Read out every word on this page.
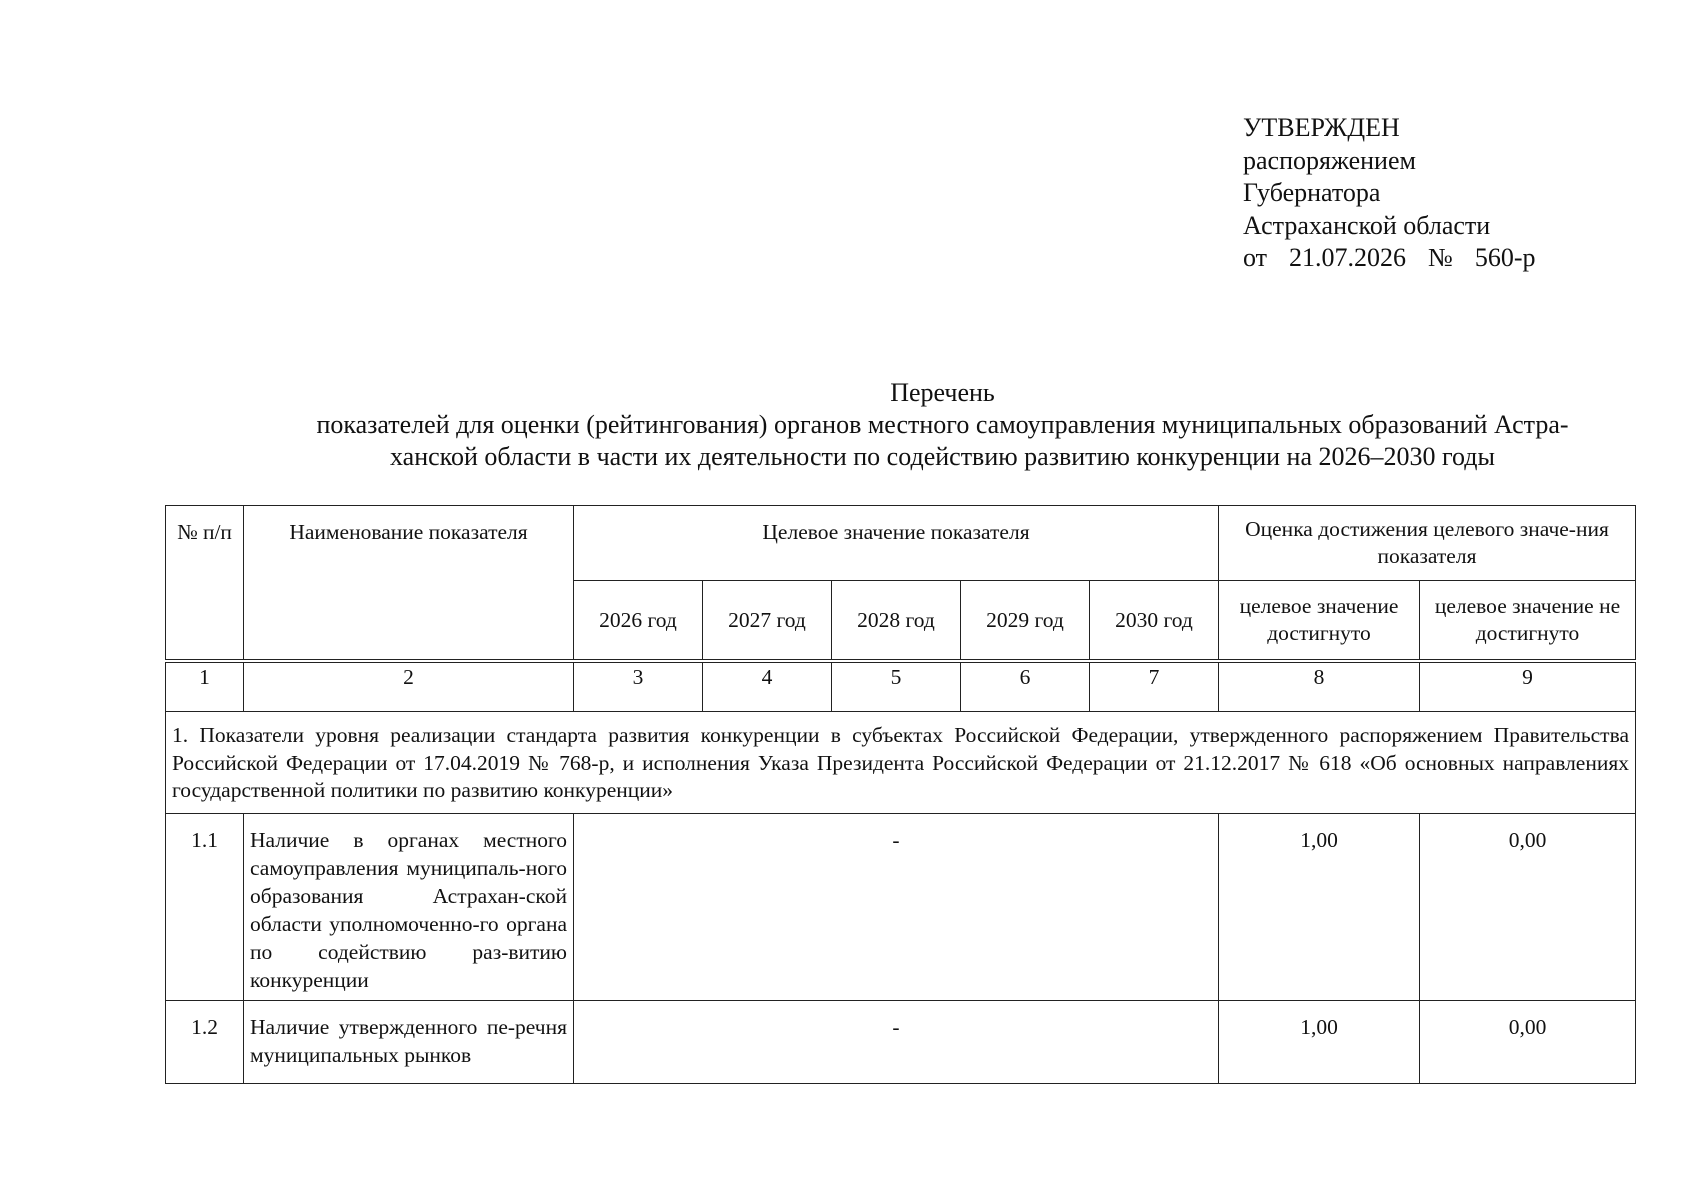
УТВЕРЖДЕН
распоряжением
Губернатора
Астраханской области
от 21.07.2026 № 560-р
Перечень
показателей для оценки (рейтингования) органов местного самоуправления муниципальных образований Астра-
ханской области в части их деятельности по содействию развитию конкуренции на 2026–2030 годы
№ п/п	Наименование показателя	Целевое значение показателя					Оценка достижения целевого значе-ния показателя	
		2026 год	2027 год	2028 год	2029 год	2030 год	целевое значение достигнуто	целевое значение не достигнуто
1	2	3	4	5	6	7	8	9
1. Показатели уровня реализации стандарта развития конкуренции в субъектах Российской Федерации, утвержденного распоряжением Правительства Российской Федерации от 17.04.2019 № 768-р, и исполнения Указа Президента Российской Федерации от 21.12.2017 № 618 «Об основных направлениях государственной политики по развитию конкуренции»								
1.1	Наличие в органах местного самоуправления муниципаль-ного образования Астрахан-ской области уполномоченно-го органа по содействию раз-витию конкуренции	-					1,00	0,00
1.2	Наличие утвержденного пе-речня муниципальных рынков	-					1,00	0,00
